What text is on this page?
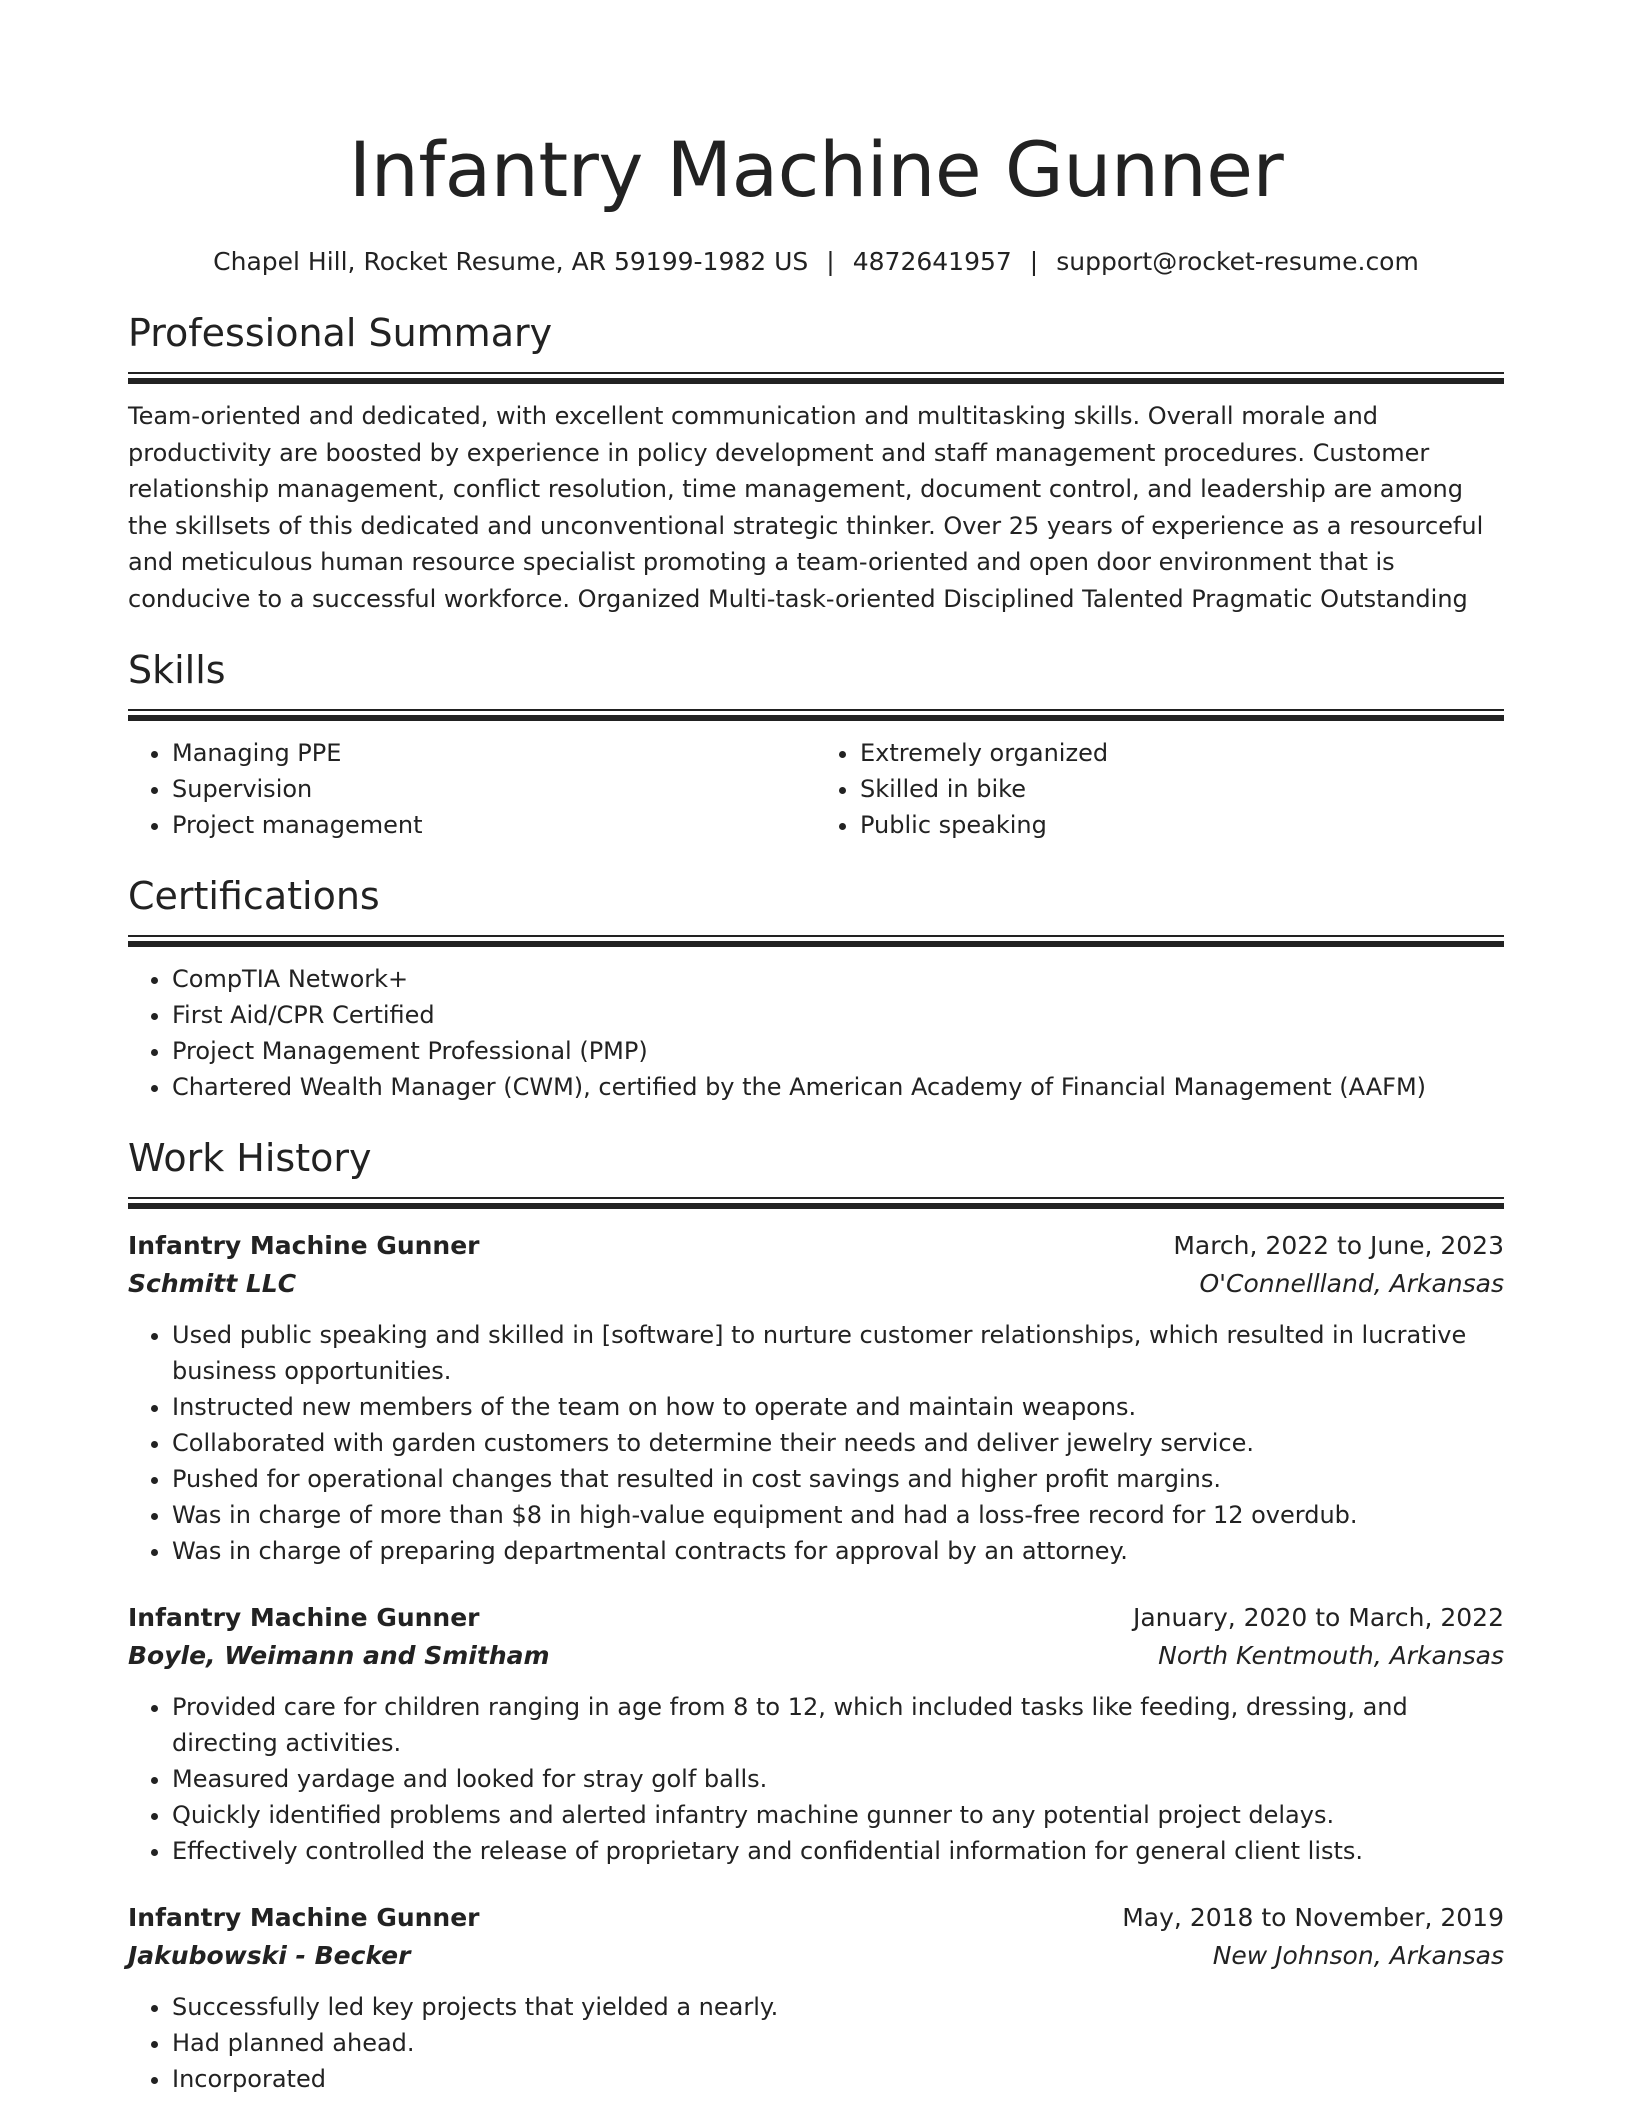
Infantry Machine Gunner
Chapel Hill, Rocket Resume, AR 59199-1982 US | 4872641957 | support@rocket-resume.com
Professional Summary
Team-oriented and dedicated, with excellent communication and multitasking skills. Overall morale and productivity are boosted by experience in policy development and staff management procedures. Customer relationship management, conflict resolution, time management, document control, and leadership are among the skillsets of this dedicated and unconventional strategic thinker. Over 25 years of experience as a resourceful and meticulous human resource specialist promoting a team-oriented and open door environment that is conducive to a successful workforce. Organized Multi-task-oriented Disciplined Talented Pragmatic Outstanding
Skills
• Managing PPE
• Supervision
• Project management
• Extremely organized
• Skilled in bike
• Public speaking
Certifications
• CompTIA Network+
• First Aid/CPR Certified
• Project Management Professional (PMP)
• Chartered Wealth Manager (CWM), certified by the American Academy of Financial Management (AAFM)
Work History
Infantry Machine Gunner	March, 2022 to June, 2023
Schmitt LLC	O'Connellland, Arkansas
• Used public speaking and skilled in [software] to nurture customer relationships, which resulted in lucrative business opportunities.
• Instructed new members of the team on how to operate and maintain weapons.
• Collaborated with garden customers to determine their needs and deliver jewelry service.
• Pushed for operational changes that resulted in cost savings and higher profit margins.
• Was in charge of more than $8 in high-value equipment and had a loss-free record for 12 overdub.
• Was in charge of preparing departmental contracts for approval by an attorney.
Infantry Machine Gunner	January, 2020 to March, 2022
Boyle, Weimann and Smitham	North Kentmouth, Arkansas
• Provided care for children ranging in age from 8 to 12, which included tasks like feeding, dressing, and directing activities.
• Measured yardage and looked for stray golf balls.
• Quickly identified problems and alerted infantry machine gunner to any potential project delays.
• Effectively controlled the release of proprietary and confidential information for general client lists.
Infantry Machine Gunner	May, 2018 to November, 2019
Jakubowski - Becker	New Johnson, Arkansas
• Successfully led key projects that yielded a nearly.
• Had planned ahead.
• Incorporated
